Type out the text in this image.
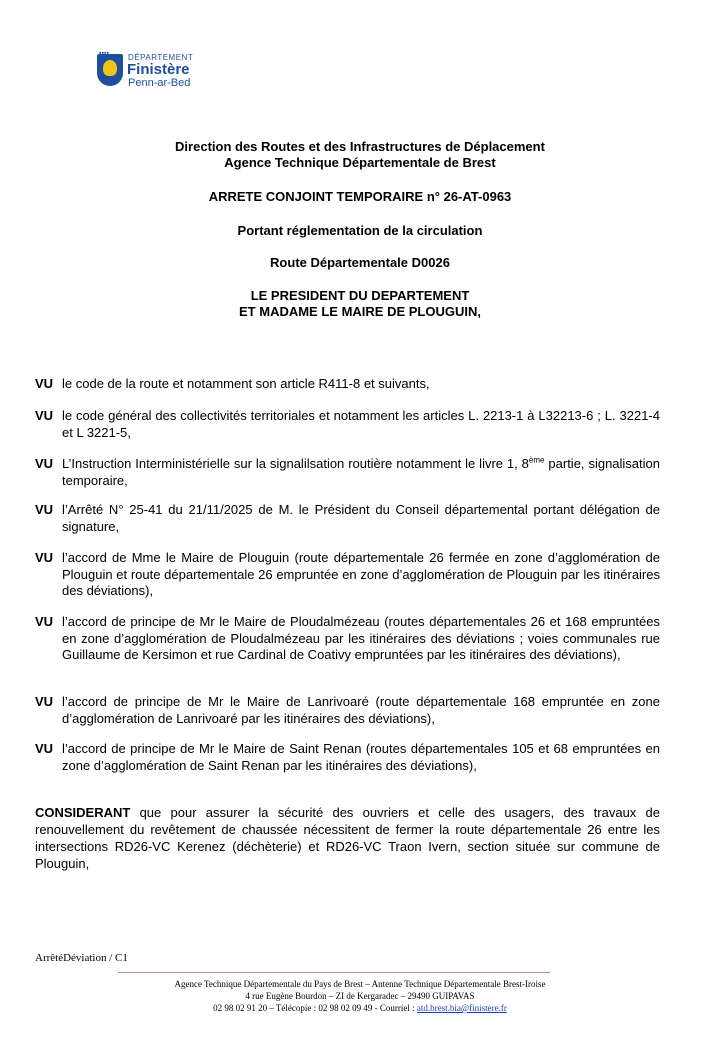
DÉPARTEMENT
Finistère
Penn-ar-Bed
Direction des Routes et des Infrastructures de Déplacement
Agence Technique Départementale de Brest
ARRETE CONJOINT TEMPORAIRE n° 26-AT-0963
Portant réglementation de la circulation
Route Départementale D0026
LE PRESIDENT DU DEPARTEMENT
ET MADAME LE MAIRE DE PLOUGUIN,
VU le code de la route et notamment son article R411-8 et suivants,
VU le code général des collectivités territoriales et notamment les articles L. 2213-1 à L32213-6 ; L. 3221-4 et L 3221-5,
VU L’Instruction Interministérielle sur la signalilsation routière notamment le livre 1, 8ème partie, signalisation temporaire,
VU l’Arrêté N° 25-41 du 21/11/2025 de M. le Président du Conseil départemental portant délégation de signature,
VU l’accord de Mme le Maire de Plouguin (route départementale 26 fermée en zone d’agglomération de Plouguin et route départementale 26 empruntée en zone d’agglomération de Plouguin par les itinéraires des déviations),
VU l’accord de principe de Mr le Maire de Ploudalmézeau (routes départementales 26 et 168 empruntées en zone d’agglomération de Ploudalmézeau par les itinéraires des déviations ; voies communales rue Guillaume de Kersimon et rue Cardinal de Coativy empruntées par les itinéraires des déviations),
VU l’accord de principe de Mr le Maire de Lanrivoaré (route départementale 168 empruntée en zone d’agglomération de Lanrivoaré par les itinéraires des déviations),
VU l’accord de principe de Mr le Maire de Saint Renan (routes départementales 105 et 68 empruntées en zone d’agglomération de Saint Renan par les itinéraires des déviations),
CONSIDERANT que pour assurer la sécurité des ouvriers et celle des usagers, des travaux de renouvellement du revêtement de chaussée nécessitent de fermer la route départementale 26 entre les intersections RD26-VC Kerenez (déchèterie) et RD26-VC Traon Ivern, section située sur commune de Plouguin,
ArrêtéDéviation / C1
Agence Technique Départementale du Pays de Brest – Antenne Technique Départementale Brest-Iroise
4 rue Eugène Bourdon – ZI de Kergaradec – 29490 GUIPAVAS
02 98 02 91 20 – Télécopie : 02 98 02 09 49 - Courriel : atd.brest.bia@finistere.fr
